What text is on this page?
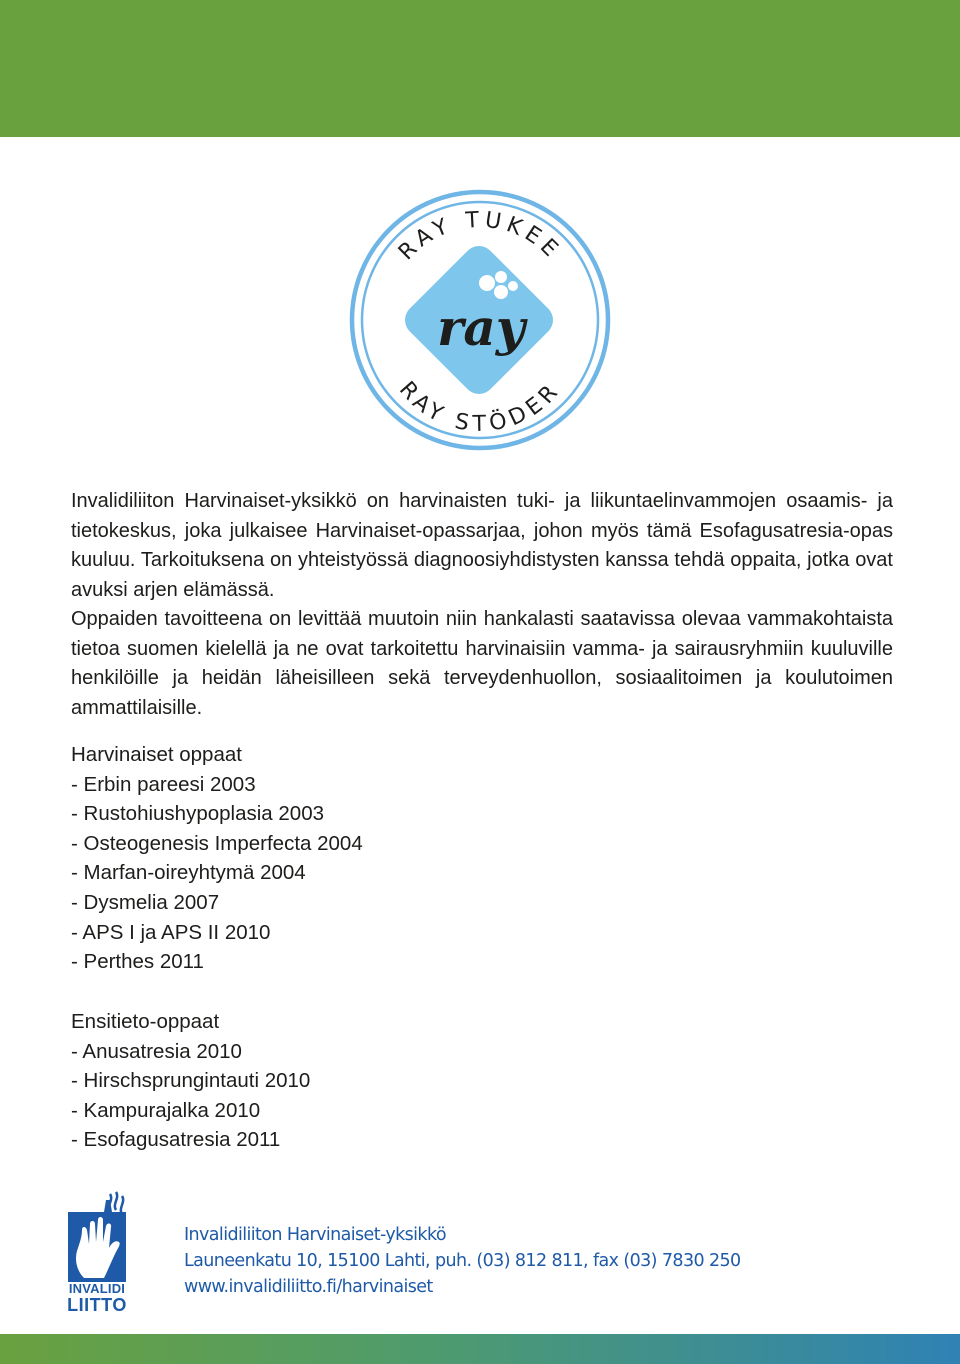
ray
RAY TUKEE
RAY STÖDER

Invalidiliiton Harvinaiset-yksikkö on harvinaisten tuki- ja liikuntaelinvammojen osaamis- ja tietokeskus, joka julkaisee Harvinaiset-opassarjaa, johon myös tämä Esofagusatresia-opas kuuluu. Tarkoituksena on yhteistyössä diagnoosiyhdistysten kanssa tehdä oppaita, jotka ovat avuksi arjen elämässä.

Oppaiden tavoitteena on levittää muutoin niin hankalasti saatavissa olevaa vammakohtaista tietoa suomen kielellä ja ne ovat tarkoitettu harvinaisiin vamma- ja sairausryhmiin kuuluville henkilöille ja heidän läheisilleen sekä terveydenhuollon, sosiaalitoimen ja koulutoimen ammattilaisille.

Harvinaiset oppaat
- Erbin pareesi 2003
- Rustohiushypoplasia 2003
- Osteogenesis Imperfecta 2004
- Marfan-oireyhtymä 2004
- Dysmelia 2007
- APS I ja APS II 2010
- Perthes 2011
Ensitieto-oppaat
- Anusatresia 2010
- Hirschsprungintauti 2010
- Kampurajalka 2010
- Esofagusatresia 2011
INVALIDI
LIITTO
Invalidiliiton Harvinaiset-yksikkö
Launeenkatu 10, 15100 Lahti, puh. (03) 812 811, fax (03) 7830 250
www.invalidiliitto.fi/harvinaiset
